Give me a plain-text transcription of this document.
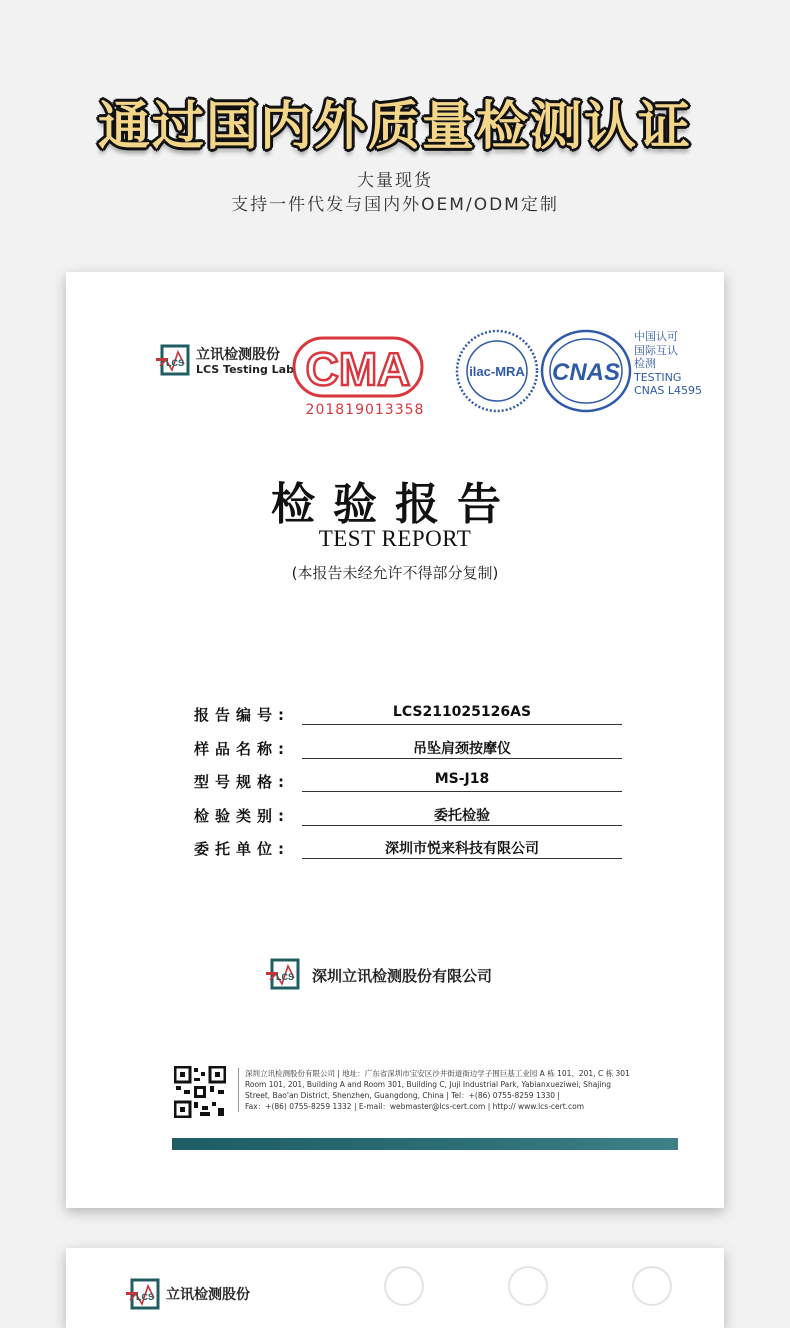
通过国内外质量检测认证
大量现货
支持一件代发与国内外OEM/ODM定制
LCS
立讯检测股份
LCS Testing Lab CMA
201819013358
ilac-MRA CNAS
中国认可
国际互认
检测
TESTING
CNAS L4595
检验报告
TEST REPORT
(本报告未经允许不得部分复制)
报告编号:	LCS211025126AS
样品名称:	吊坠肩颈按摩仪
型号规格:	MS-J18
检验类别:	委托检验
委托单位:	深圳市悦来科技有限公司
LCS 深圳立讯检测股份有限公司
深圳立讯检测股份有限公司 | 地址：广东省深圳市宝安区沙井街道衙边学子围巨基工业园 A 栋 101、201, C 栋 301
Room 101, 201, Building A and Room 301, Building C, Juji Industrial Park, Yabianxueziwei, Shajing
Street, Bao'an District, Shenzhen, Guangdong, China | Tel：+(86) 0755-8259 1330 |
Fax：+(86) 0755-8259 1332 | E-mail：webmaster@lcs-cert.com | http:// www.lcs-cert.com
LCS 立讯检测股份
